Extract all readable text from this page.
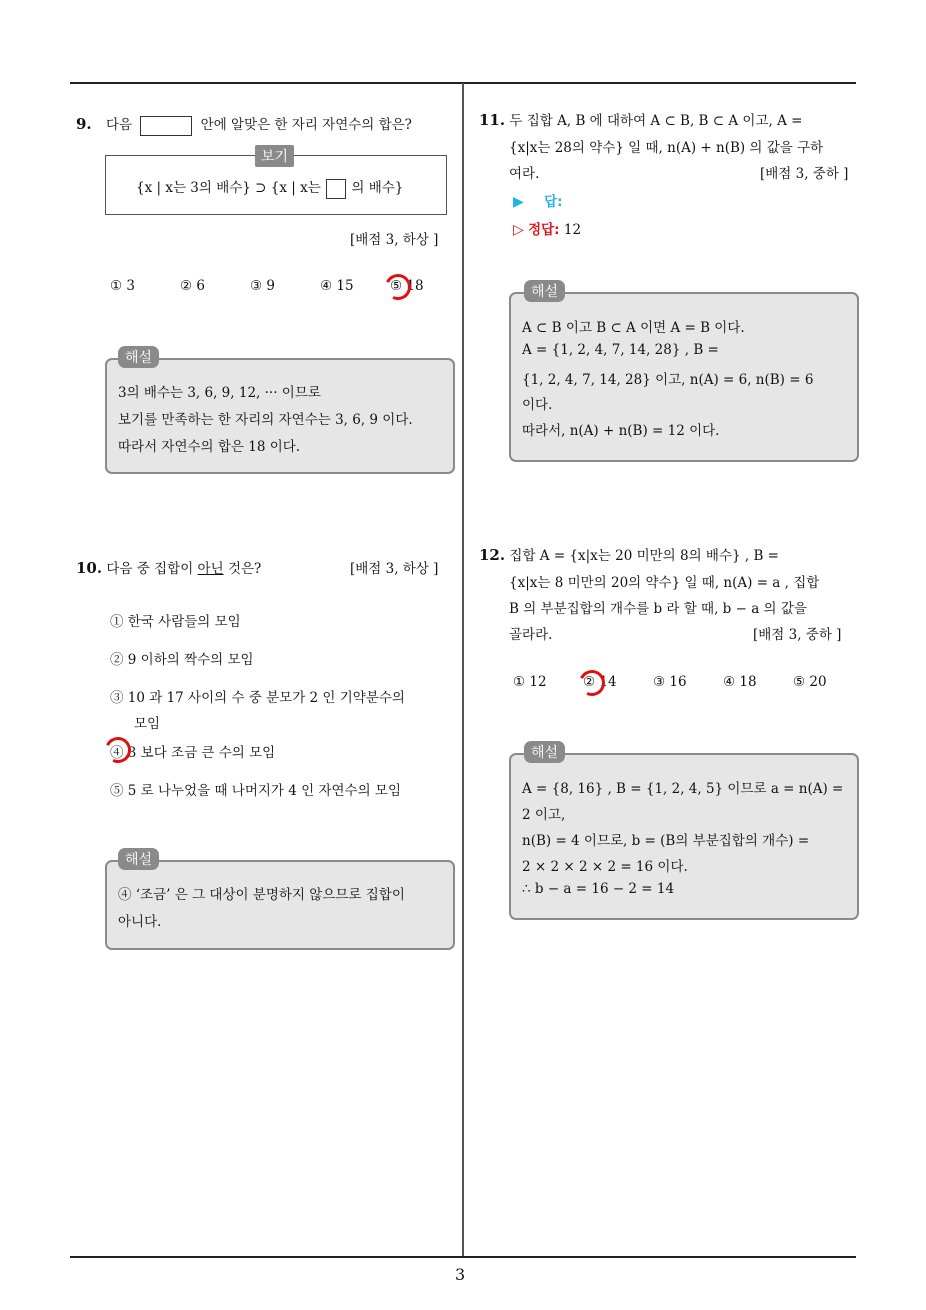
3
9. 다음	안에 알맞은 한 자리 자연수의 합은?
보기
{x | x는 3의 배수} ⊃ {x | x는 의 배수}
[배점 3, 하상 ]
① 3	② 6	③ 9	④ 15	⑤ 18
해설
3의 배수는 3, 6, 9, 12, ··· 이므로
보기를 만족하는 한 자리의 자연수는 3, 6, 9 이다.
따라서 자연수의 합은 18 이다.
10. 다음 중 집합이 아닌 것은?	[배점 3, 하상 ]
① 한국 사람들의 모임
② 9 이하의 짝수의 모임
③ 10 과 17 사이의 수 중 분모가 2 인 기약분수의
모임
④ 3 보다 조금 큰 수의 모임
⑤ 5 로 나누었을 때 나머지가 4 인 자연수의 모임
해설
④ ‘조금’ 은 그 대상이 분명하지 않으므로 집합이
아니다.
11. 두 집합 A, B 에 대하여 A ⊂ B, B ⊂ A 이고, A =
{x|x는 28의 약수} 일 때, n(A) + n(B) 의 값을 구하
여라.	[배점 3, 중하 ]
▶ 답:
▷ 정답: 12
해설
A ⊂ B 이고 B ⊂ A 이면 A = B 이다.
A = {1, 2, 4, 7, 14, 28} , B =
{1, 2, 4, 7, 14, 28} 이고, n(A) = 6, n(B) = 6
이다.
따라서, n(A) + n(B) = 12 이다.
12. 집합 A = {x|x는 20 미만의 8의 배수} , B =
{x|x는 8 미만의 20의 약수} 일 때, n(A) = a , 집합
B 의 부분집합의 개수를 b 라 할 때, b − a 의 값을
골라라.	[배점 3, 중하 ]
① 12	② 14	③ 16	④ 18	⑤ 20
해설
A = {8, 16} , B = {1, 2, 4, 5} 이므로 a = n(A) =
2 이고,
n(B) = 4 이므로, b = (B의 부분집합의 개수) =
2 × 2 × 2 × 2 = 16 이다.
∴ b − a = 16 − 2 = 14
